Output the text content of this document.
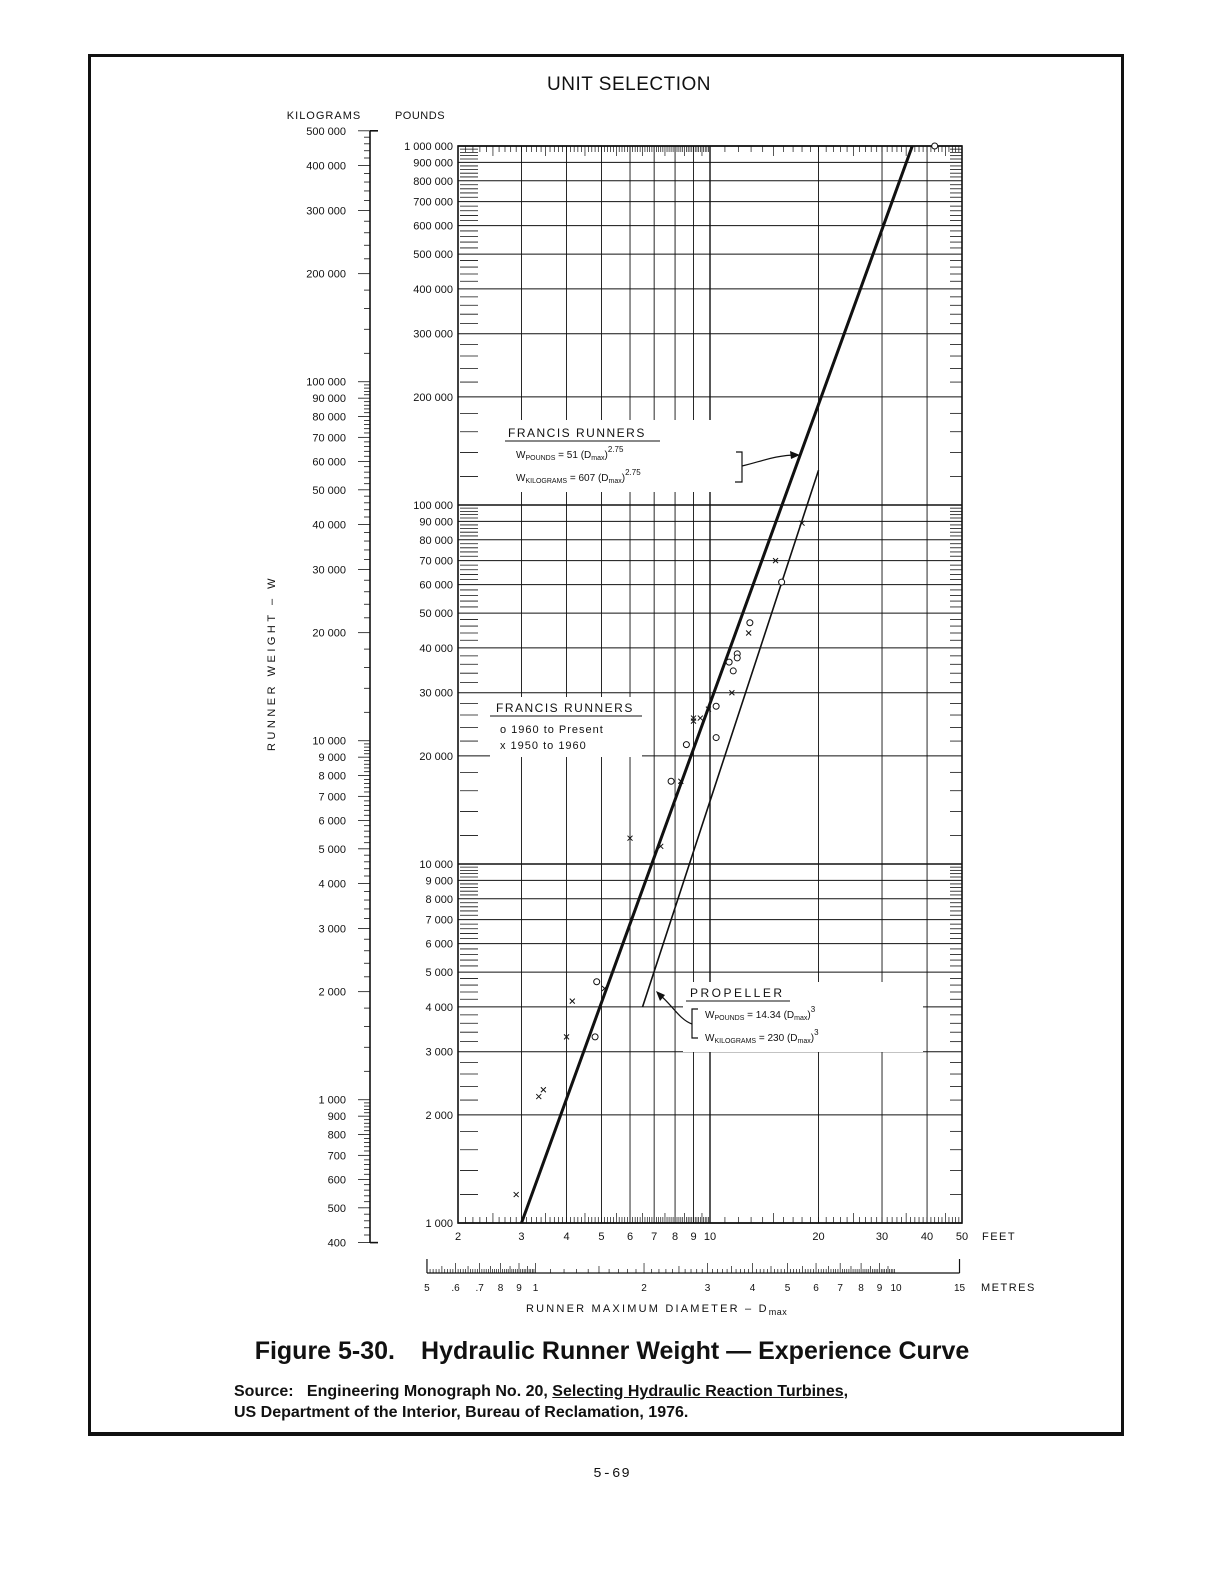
UNIT SELECTION
KILOGRAMS	POUNDS
1 000
2 000
3 000
4 000
5 000
6 000
7 000
8 000
9 000
10 000
20 000
30 000
40 000
50 000
60 000
70 000
80 000
90 000
100 000
200 000
300 000
400 000
500 000
600 000
700 000
800 000
900 000
1 000 000
2	3	4	5 6 7 8 9 10	20	30	40 50 FEET
5 .6 .7 8 9 1	2	3	4	5 6 7 8 9 10	15 METRES
RUNNER MAXIMUM DIAMETER – $D_{max}$
400
500
600
700
800
900
1 000
2 000
3 000
4 000
5 000
6 000
7 000
8 000
9 000
10 000
20 000
30 000
40 000
50 000
60 000
70 000
80 000
90 000
100 000
200 000
300 000
400 000
500 000
RUNNER WEIGHT – W
FRANCIS RUNNERS
$W_{POUNDS} = 51$ $(D_{max})^{2.75}$
$W_{KILOGRAMS} = 607$ $(D_{max})^{2.75}$
FRANCIS RUNNERS
o 1960 to Present
x 1950 to 1960
PROPELLER
$W_{POUNDS} = 14.34$ $(D_{max})^3$
$W_{KILOGRAMS} = 230$ $(D_{max})^3$
Figure 5-30. Hydraulic Runner Weight — Experience Curve
Source: Engineering Monograph No. 20, Selecting Hydraulic Reaction Turbines,
US Department of the Interior, Bureau of Reclamation, 1976.
5-69
